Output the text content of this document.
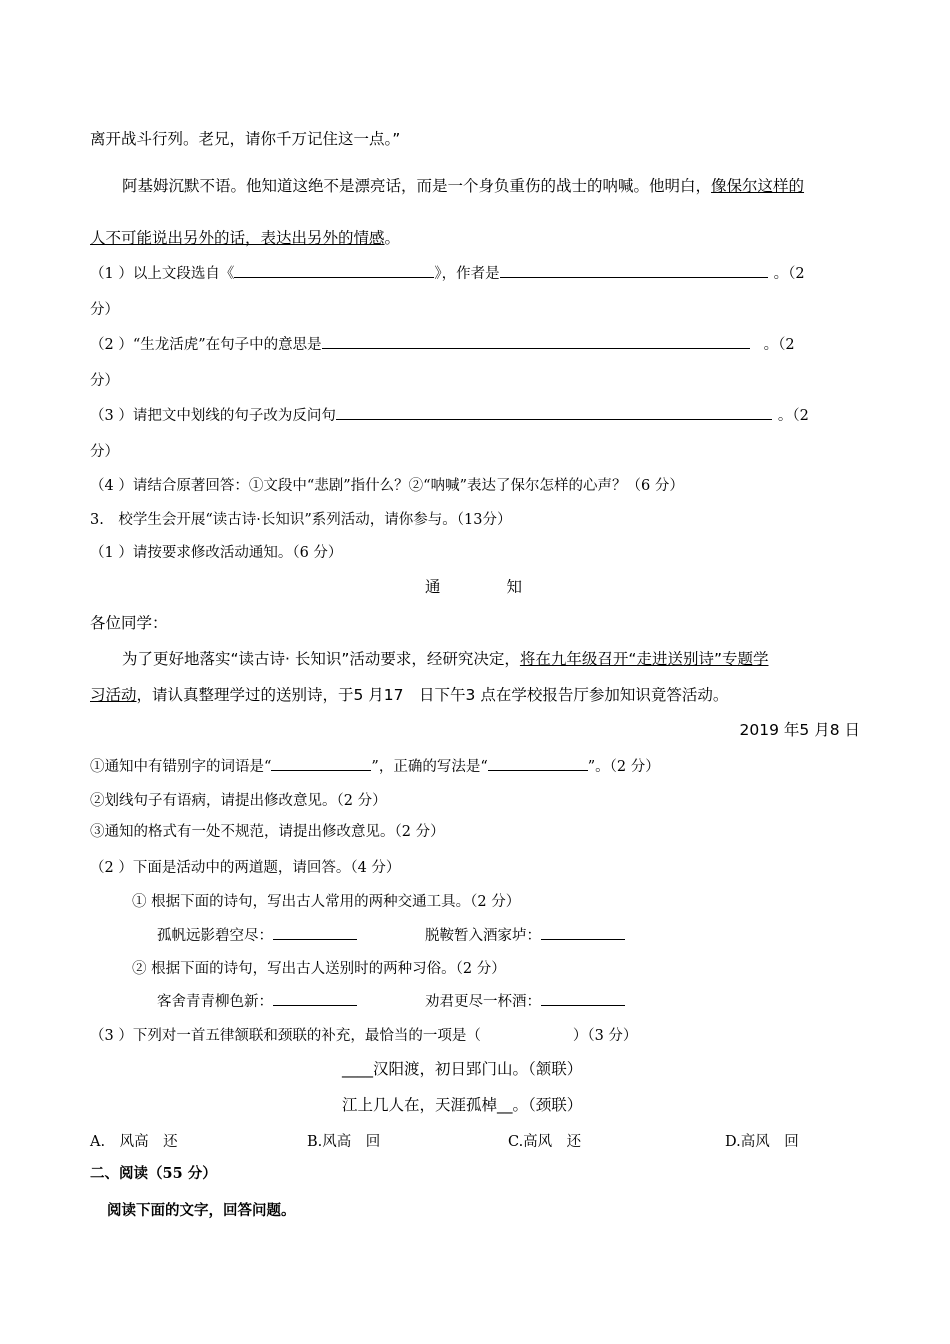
离开战斗行列。老兄，请你千万记住这一点。”
阿基姆沉默不语。他知道这绝不是漂亮话，而是一个身负重伤的战士的呐喊。他明白，像保尔这样的
人不可能说出另外的话，表达出另外的情感。
（1 ）以上文段选自《	》，作者是	。（2
分）
（2 ）“生龙活虎”在句子中的意思是	。（2
分）
（3 ）请把文中划线的句子改为反问句	。（2
分）
（4 ）请结合原著回答：①文段中“悲剧”指什么？②“呐喊”表达了保尔怎样的心声？（6 分）
3.　校学生会开展“读古诗·长知识”系列活动，请你参与。（13分）
（1 ）请按要求修改活动通知。（6 分）
通	知
各位同学：
为了更好地落实“读古诗· 长知识”活动要求，经研究决定，将在九年级召开“走进送别诗”专题学
习活动，请认真整理学过的送别诗，于5 月17　日下午3 点在学校报告厅参加知识竟答活动。
2019 年5 月8 日
①通知中有错别字的词语是“	”，正确的写法是“	”。（2 分）
②划线句子有语病，请提出修改意见。（2 分）
③通知的格式有一处不规范，请提出修改意见。（2 分）
（2 ）下面是活动中的两道题，请回答。（4 分）
① 根据下面的诗句，写出古人常用的两种交通工具。（2 分）
孤帆远影碧空尽：	脱鞍暂入酒家垆：
② 根据下面的诗句，写出古人送别时的两种习俗。（2 分）
客舍青青柳色新：	劝君更尽一杯酒：
（3 ）下列对一首五律颔联和颈联的补充，最恰当的一项是（	）（3 分）
____汉阳渡，初日郢门山。（颔联）
江上几人在，天涯孤棹__。（颈联）
A.　风高　还	B.风高　回	C.高风　还	D.高风　回
二、阅读（55 分）
阅读下面的文字，回答问题。
